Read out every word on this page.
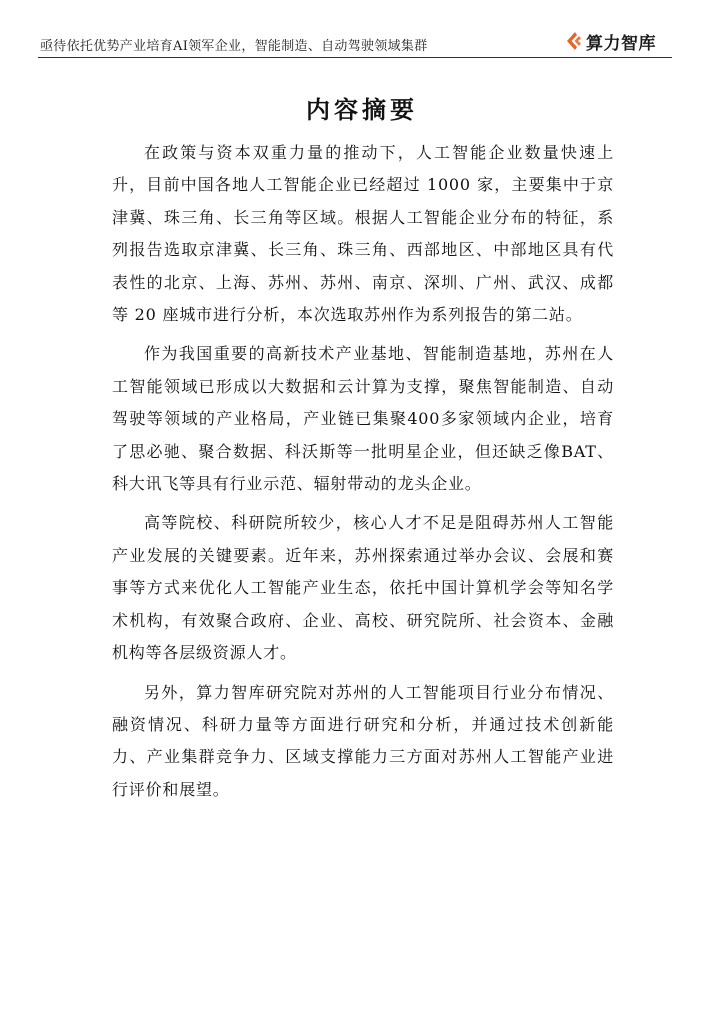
亟待依托优势产业培育AI领军企业，智能制造、自动驾驶领域集群	算力智库
内容摘要

在政策与资本双重力量的推动下，人工智能企业数量快速上升，目前中国各地人工智能企业已经超过 1000 家，主要集中于京津冀、珠三角、长三角等区域。根据人工智能企业分布的特征，系列报告选取京津冀、长三角、珠三角、西部地区、中部地区具有代表性的北京、上海、苏州、苏州、南京、深圳、广州、武汉、成都等 20 座城市进行分析，本次选取苏州作为系列报告的第二站。

作为我国重要的高新技术产业基地、智能制造基地，苏州在人工智能领域已形成以大数据和云计算为支撑，聚焦智能制造、自动驾驶等领域的产业格局，产业链已集聚400多家领域内企业，培育了思必驰、聚合数据、科沃斯等一批明星企业，但还缺乏像BAT、科大讯飞等具有行业示范、辐射带动的龙头企业。

高等院校、科研院所较少，核心人才不足是阻碍苏州人工智能产业发展的关键要素。近年来，苏州探索通过举办会议、会展和赛事等方式来优化人工智能产业生态，依托中国计算机学会等知名学术机构，有效聚合政府、企业、高校、研究院所、社会资本、金融机构等各层级资源人才。

另外，算力智库研究院对苏州的人工智能项目行业分布情况、融资情况、科研力量等方面进行研究和分析，并通过技术创新能力、产业集群竞争力、区域支撑能力三方面对苏州人工智能产业进行评价和展望。
